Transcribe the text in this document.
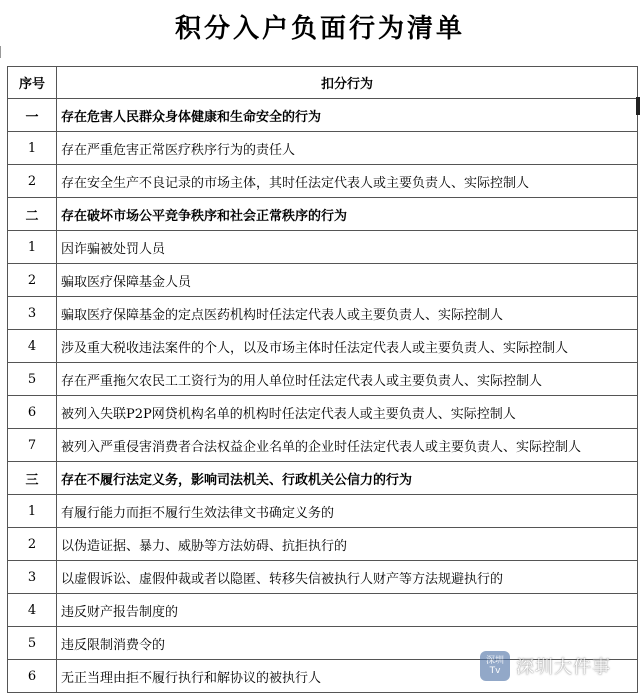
积分入户负面行为清单
序号	扣分行为
一	存在危害人民群众身体健康和生命安全的行为
1	存在严重危害正常医疗秩序行为的责任人
2	存在安全生产不良记录的市场主体，其时任法定代表人或主要负责人、实际控制人
二	存在破坏市场公平竞争秩序和社会正常秩序的行为
1	因诈骗被处罚人员
2	骗取医疗保障基金人员
3	骗取医疗保障基金的定点医药机构时任法定代表人或主要负责人、实际控制人
4	涉及重大税收违法案件的个人，以及市场主体时任法定代表人或主要负责人、实际控制人
5	存在严重拖欠农民工工资行为的用人单位时任法定代表人或主要负责人、实际控制人
6	被列入失联P2P网贷机构名单的机构时任法定代表人或主要负责人、实际控制人
7	被列入严重侵害消费者合法权益企业名单的企业时任法定代表人或主要负责人、实际控制人
三	存在不履行法定义务，影响司法机关、行政机关公信力的行为
1	有履行能力而拒不履行生效法律文书确定义务的
2	以伪造证据、暴力、威胁等方法妨碍、抗拒执行的
3	以虚假诉讼、虚假仲裁或者以隐匿、转移失信被执行人财产等方法规避执行的
4	违反财产报告制度的
5	违反限制消费令的
6	无正当理由拒不履行执行和解协议的被执行人
深圳
Tv 深圳大件事
